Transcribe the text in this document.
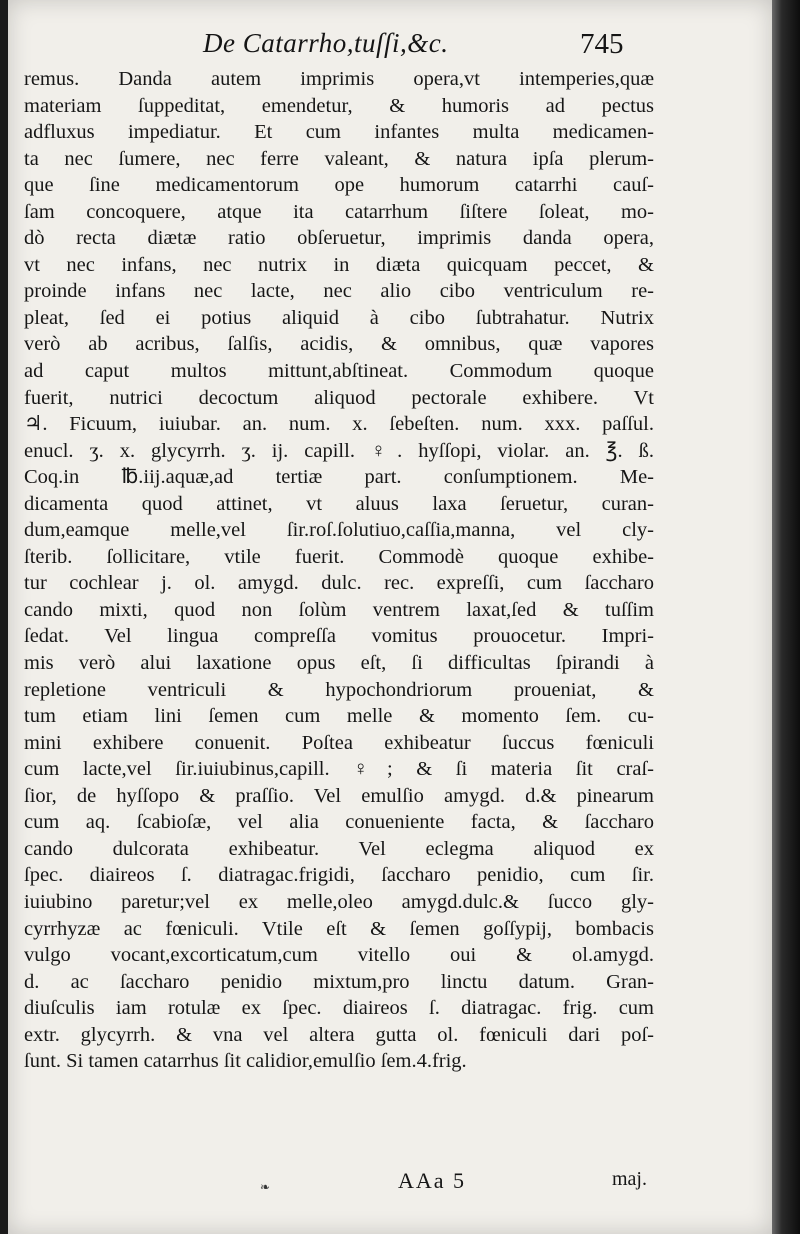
De Catarrho,tuſſi,&c.	745
remus. Danda autem imprimis opera,vt intemperies,quæ
materiam ſuppeditat, emendetur, & humoris ad pectus
adfluxus impediatur. Et cum infantes multa medicamen-
ta nec ſumere, nec ferre valeant, & natura ipſa plerum-
que ſine medicamentorum ope humorum catarrhi cauſ-
ſam concoquere, atque ita catarrhum ſiſtere ſoleat, mo-
dò recta diætæ ratio obſeruetur, imprimis danda opera,
vt nec infans, nec nutrix in diæta quicquam peccet, &
proinde infans nec lacte, nec alio cibo ventriculum re-
pleat, ſed ei potius aliquid à cibo ſubtrahatur. Nutrix
verò ab acribus, ſalſis, acidis, & omnibus, quæ vapores
ad caput multos mittunt,abſtineat. Commodum quoque
fuerit, nutrici decoctum aliquod pectorale exhibere. Vt
♃. Ficuum, iuiubar. an. num. x. ſebeſten. num. xxx. paſſul.
enucl. ʒ. x. glycyrrh. ʒ. ij. capill. ♀. hyſſopi, violar. an. ℥. ß.
Coq.in ℔.iij.aquæ,ad tertiæ part. conſumptionem. Me-
dicamenta quod attinet, vt aluus laxa ſeruetur, curan-
dum,eamque melle,vel ſir.roſ.ſolutiuo,caſſia,manna, vel cly-
ſterib. ſollicitare, vtile fuerit. Commodè quoque exhibe-
tur cochlear j. ol. amygd. dulc. rec. expreſſi, cum ſaccharo
cando mixti, quod non ſolùm ventrem laxat,ſed & tuſſim
ſedat. Vel lingua compreſſa vomitus prouocetur. Impri-
mis verò alui laxatione opus eſt, ſi difficultas ſpirandi à
repletione ventriculi & hypochondriorum proueniat, &
tum etiam lini ſemen cum melle & momento ſem. cu-
mini exhibere conuenit. Poſtea exhibeatur ſuccus fœniculi
cum lacte,vel ſir.iuiubinus,capill. ♀; & ſi materia ſit craſ-
ſior, de hyſſopo & praſſio. Vel emulſio amygd. d.& pinearum
cum aq. ſcabioſæ, vel alia conueniente facta, & ſaccharo
cando dulcorata exhibeatur. Vel eclegma aliquod ex
ſpec. diaireos ſ. diatragac.frigidi, ſaccharo penidio, cum ſir.
iuiubino paretur;vel ex melle,oleo amygd.dulc.& ſucco gly-
cyrrhyzæ ac fœniculi. Vtile eſt & ſemen goſſypij, bombacis
vulgo vocant,excorticatum,cum vitello oui & ol.amygd.
d. ac ſaccharo penidio mixtum,pro linctu datum. Gran-
diuſculis iam rotulæ ex ſpec. diaireos ſ. diatragac. frig. cum
extr. glycyrrh. & vna vel altera gutta ol. fœniculi dari poſ-
ſunt. Si tamen catarrhus ſit calidior,emulſio ſem.4.frig.
❧	AAa 5	maj.
